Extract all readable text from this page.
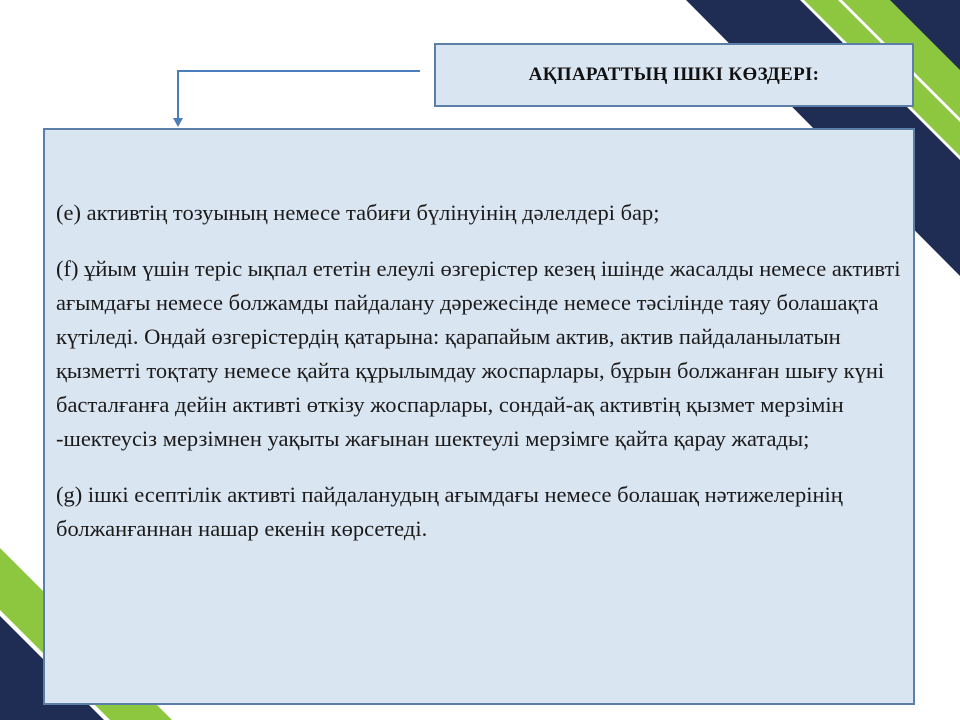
АҚПАРАТТЫҢ ІШКІ КӨЗДЕРІ:

(e) активтің тозуының немесе табиғи бүлінуінің дәлелдері бар;

(f) ұйым үшін теріс ықпал ететін елеулі өзгерістер кезең ішінде жасалды немесе активті ағымдағы немесе болжамды пайдалану дәрежесінде немесе тәсілінде таяу болашақта күтіледі. Ондай өзгерістердің қатарына: қарапайым актив, актив пайдаланылатын қызметті тоқтату немесе қайта құрылымдау жоспарлары, бұрын болжанған шығу күні басталғанға дейін активті өткізу жоспарлары, сондай-ақ активтің қызмет мерзімін -шектеусіз мерзімнен уақыты жағынан шектеулі мерзімге қайта қарау жатады;

(g) ішкі есептілік активті пайдаланудың ағымдағы немесе болашақ нәтижелерінің болжанғаннан нашар екенін көрсетеді.
